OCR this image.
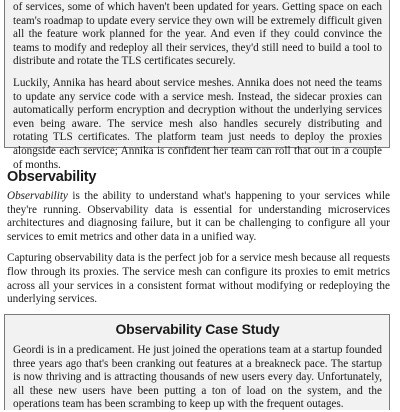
of services, some of which haven't been updated for years. Getting space on each team's roadmap to update every service they own will be extremely difficult given all the feature work planned for the year. And even if they could convince the teams to modify and redeploy all their services, they'd still need to build a tool to distribute and rotate the TLS certificates securely.

Luckily, Annika has heard about service meshes. Annika does not need the teams to update any service code with a service mesh. Instead, the sidecar proxies can automatically perform encryption and decryption without the underlying services even being aware. The service mesh also handles securely distributing and rotating TLS certificates. The platform team just needs to deploy the proxies alongside each service; Annika is confident her team can roll that out in a couple of months.

Observability

Observability is the ability to understand what's happening to your services while they're running. Observability data is essential for understanding microservices architectures and diagnosing failure, but it can be challenging to configure all your services to emit metrics and other data in a unified way.

Capturing observability data is the perfect job for a service mesh because all requests flow through its proxies. The service mesh can configure its proxies to emit metrics across all your services in a consistent format without modifying or redeploying the underlying services.

Observability Case Study

Geordi is in a predicament. He just joined the operations team at a startup founded three years ago that's been cranking out features at a breakneck pace. The startup is now thriving and is attracting thousands of new users every day. Unfortunately, all these new users have been putting a ton of load on the system, and the operations team has been scrambing to keep up with the frequent outages.
